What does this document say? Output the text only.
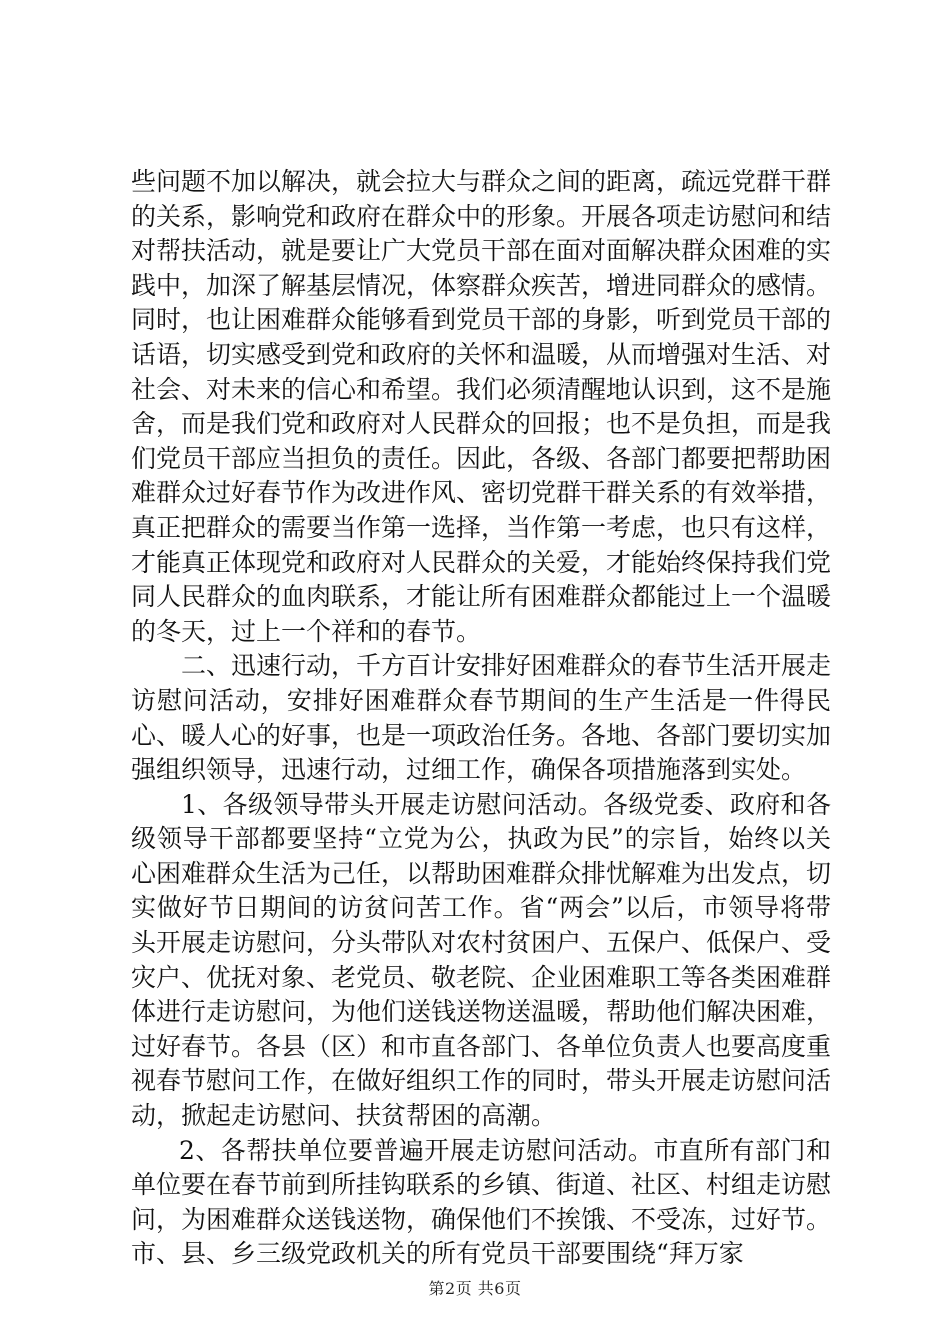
些问题不加以解决，就会拉大与群众之间的距离，疏远党群干群的关系，影响党和政府在群众中的形象。开展各项走访慰问和结对帮扶活动，就是要让广大党员干部在面对面解决群众困难的实践中，加深了解基层情况，体察群众疾苦，增进同群众的感情。同时，也让困难群众能够看到党员干部的身影，听到党员干部的话语，切实感受到党和政府的关怀和温暖，从而增强对生活、对社会、对未来的信心和希望。我们必须清醒地认识到，这不是施舍，而是我们党和政府对人民群众的回报；也不是负担，而是我们党员干部应当担负的责任。因此，各级、各部门都要把帮助困难群众过好春节作为改进作风、密切党群干群关系的有效举措，真正把群众的需要当作第一选择，当作第一考虑，也只有这样，才能真正体现党和政府对人民群众的关爱，才能始终保持我们党同人民群众的血肉联系，才能让所有困难群众都能过上一个温暖的冬天，过上一个祥和的春节。

二、迅速行动，千方百计安排好困难群众的春节生活开展走访慰问活动，安排好困难群众春节期间的生产生活是一件得民心、暖人心的好事，也是一项政治任务。各地、各部门要切实加强组织领导，迅速行动，过细工作，确保各项措施落到实处。

1、各级领导带头开展走访慰问活动。各级党委、政府和各级领导干部都要坚持“立党为公，执政为民”的宗旨，始终以关心困难群众生活为己任，以帮助困难群众排忧解难为出发点，切实做好节日期间的访贫问苦工作。省“两会”以后，市领导将带头开展走访慰问，分头带队对农村贫困户、五保户、低保户、受灾户、优抚对象、老党员、敬老院、企业困难职工等各类困难群体进行走访慰问，为他们送钱送物送温暖，帮助他们解决困难，过好春节。各县（区）和市直各部门、各单位负责人也要高度重视春节慰问工作，在做好组织工作的同时，带头开展走访慰问活动，掀起走访慰问、扶贫帮困的高潮。

2、各帮扶单位要普遍开展走访慰问活动。市直所有部门和单位要在春节前到所挂钩联系的乡镇、街道、社区、村组走访慰问，为困难群众送钱送物，确保他们不挨饿、不受冻，过好节。市、县、乡三级党政机关的所有党员干部要围绕“拜万家

第2页 共6页
